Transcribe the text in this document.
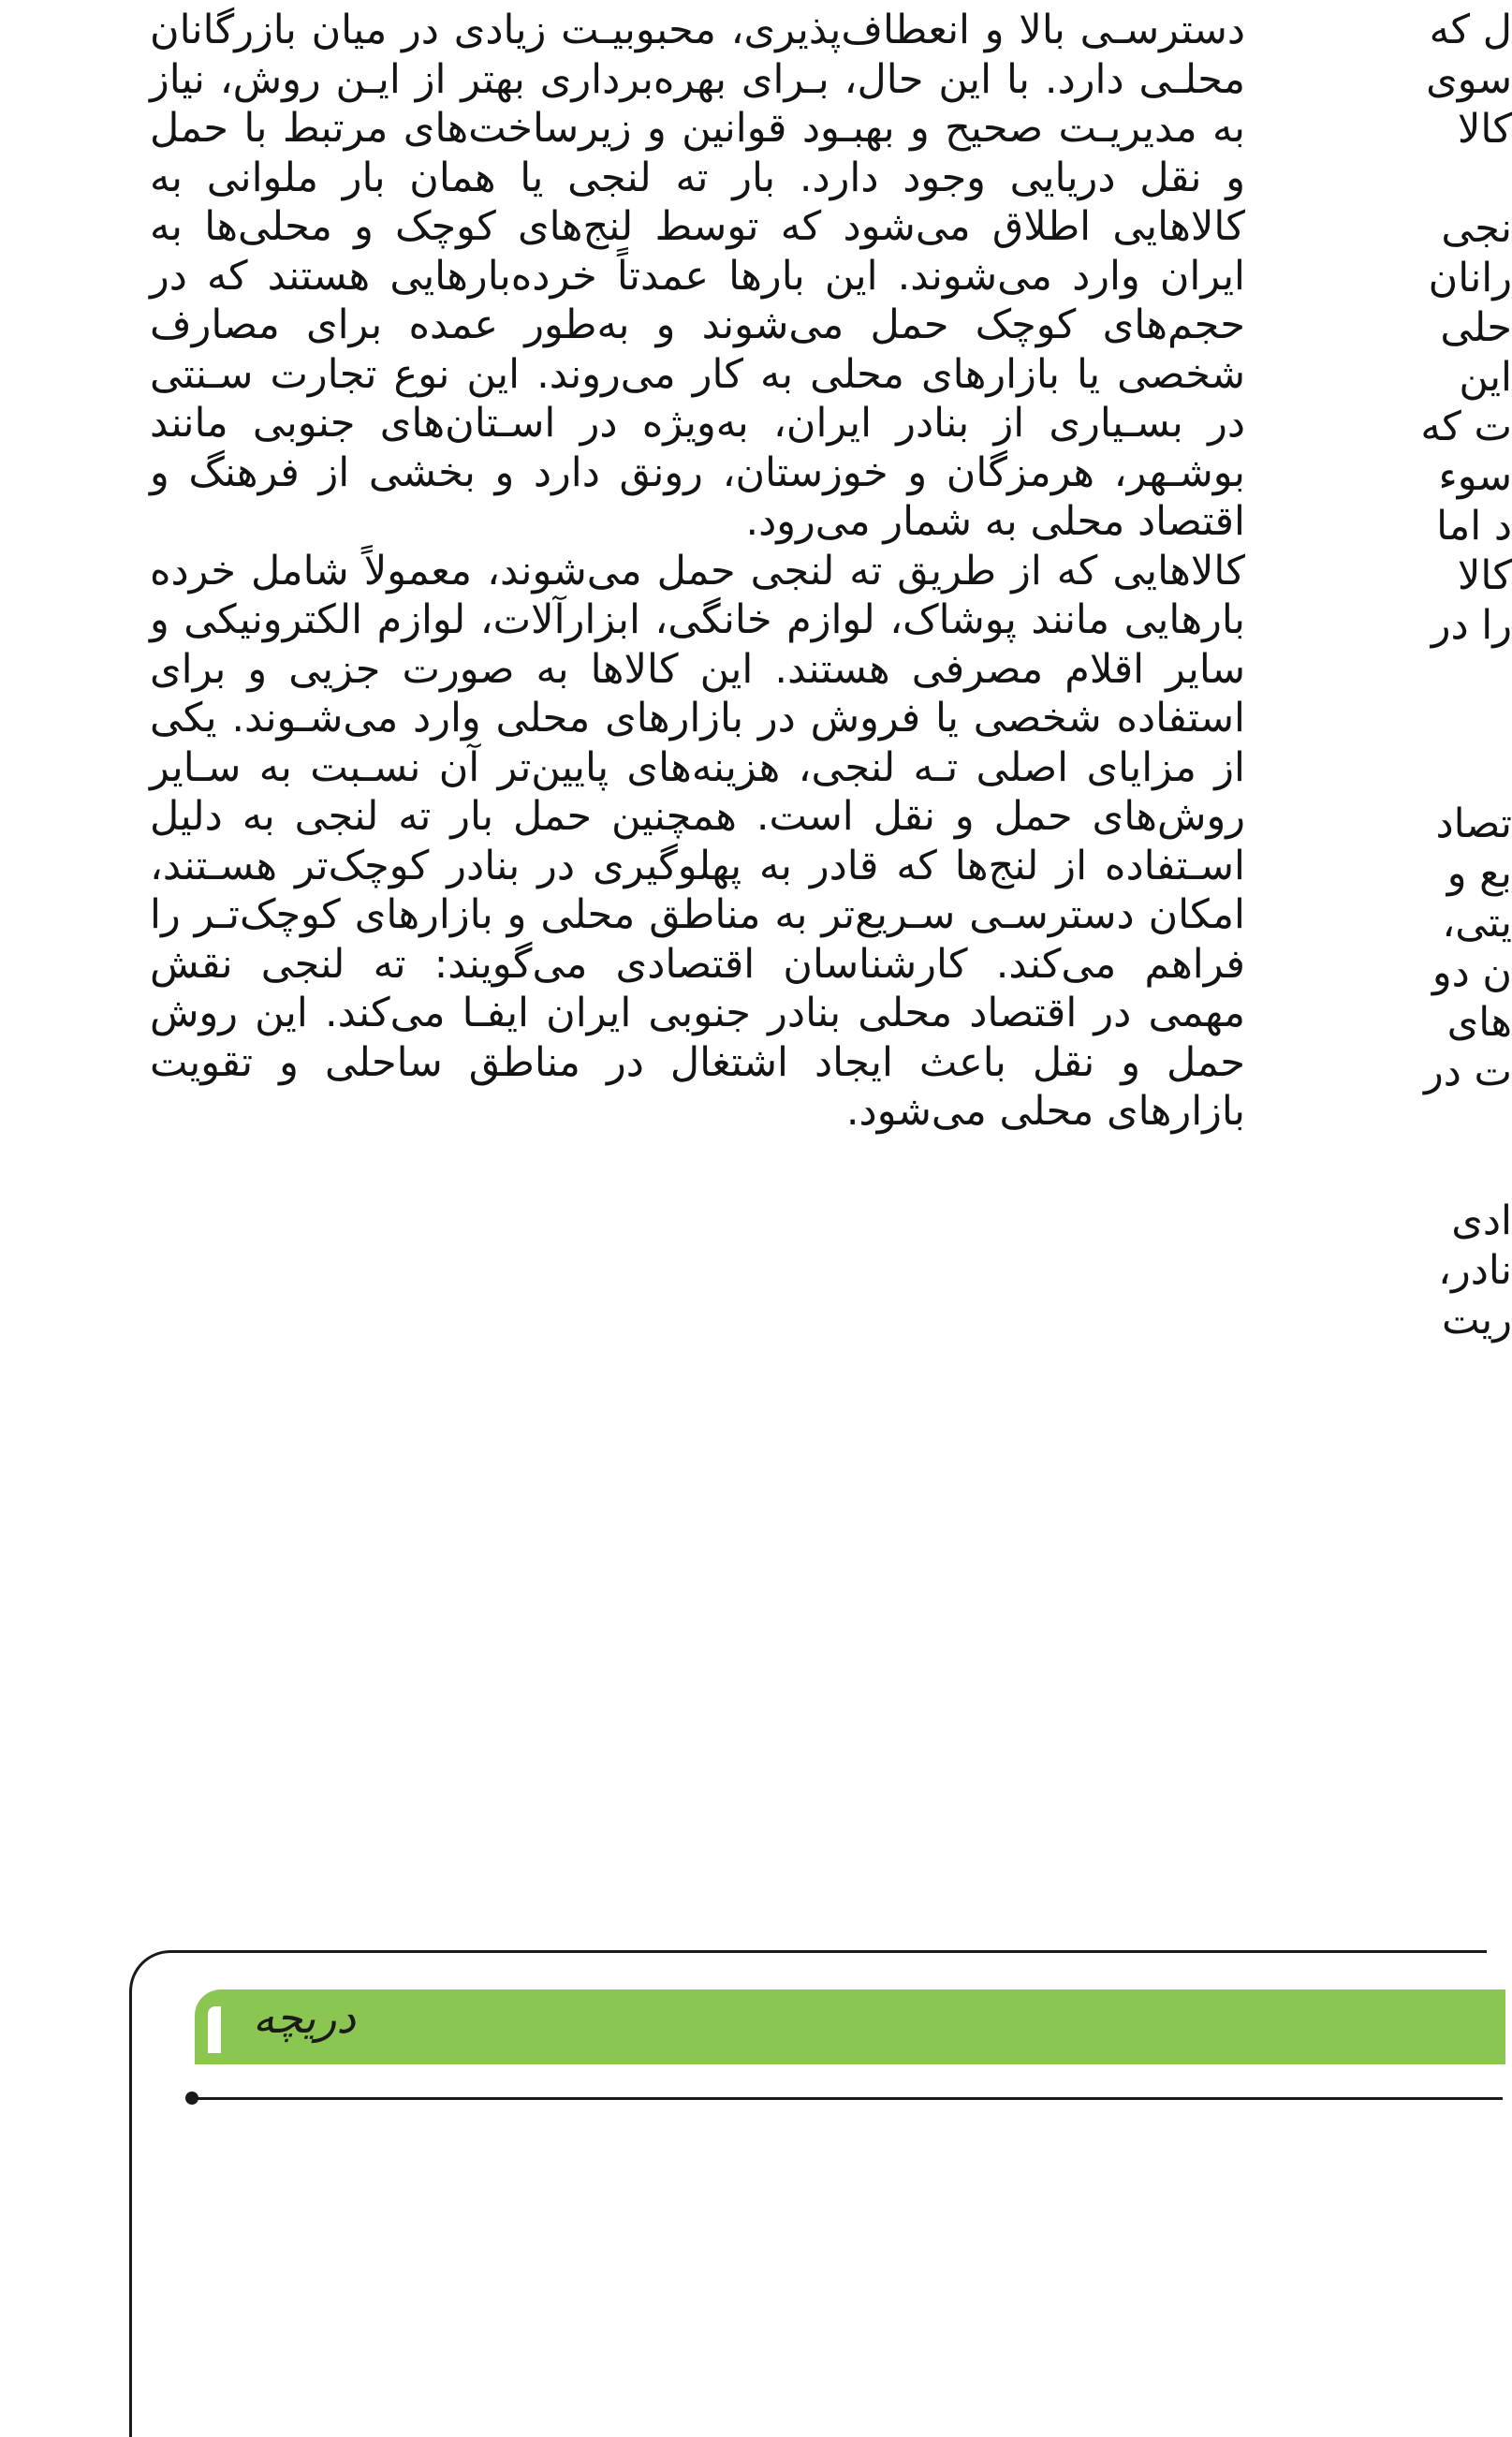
دسترسـی بالا و انعطاف‌پذیری، محبوبیـت زیادی در میان بازرگانان محلـی دارد. با این حال، بـرای بهره‌برداری بهتر از ایـن روش، نیاز به مدیریـت صحیح و بهبـود قوانین و زیرساخت‌های مرتبط با حمل و نقل دریایی وجود دارد. بار ته لنجی یا همان بار ملوانی به کالاهایی اطلاق می‌شود که توسط لنج‌های کوچک و محلی‌ها به ایران وارد می‌شوند. این بارها عمدتاً خرده‌بارهایی هستند که در حجم‌های کوچک حمل می‌شوند و به‌طور عمده برای مصارف شخصی یا بازارهای محلی به کار می‌روند. این نوع تجارت سـنتی در بسـیاری از بنادر ایران، به‌ویژه در اسـتان‌های جنوبی مانند بوشـهر، هرمزگان و خوزستان، رونق دارد و بخشی از فرهنگ و اقتصاد محلی به شمار می‌رود.

کالاهایی که از طریق ته لنجی حمل می‌شوند، معمولاً شامل خرده بارهایی مانند پوشاک، لوازم خانگی، ابزارآلات، لوازم الکترونیکی و سایر اقلام مصرفی هستند. این کالاها به صورت جزیی و برای استفاده شخصی یا فروش در بازارهای محلی وارد می‌شـوند. یکی از مزایای اصلی تـه لنجی، هزینه‌های پایین‌تر آن نسـبت به سـایر روش‌های حمل و نقل است. همچنین حمل بار ته لنجی به دلیل اسـتفاده از لنج‌ها که قادر به پهلوگیری در بنادر کوچک‌تر هسـتند، امکان دسترسـی سـریع‌تر به مناطق محلی و بازارهای کوچک‌تـر را فراهم می‌کند. کارشناسان اقتصادی می‌گویند: ته لنجی نقش مهمی در اقتصاد محلی بنادر جنوبی ایران ایفـا می‌کند. این روش حمل و نقل باعث ایجاد اشتغال در مناطق ساحلی و تقویت بازارهای محلی می‌شود.

ل که
سوی
کالا
نجی
رانان
حلی
این
ت که
سوء
د اما
کالا
را در
تصاد
بع و
یتی،
ن دو
های
ت در
ادی
نادر،
ریت
دریچه
